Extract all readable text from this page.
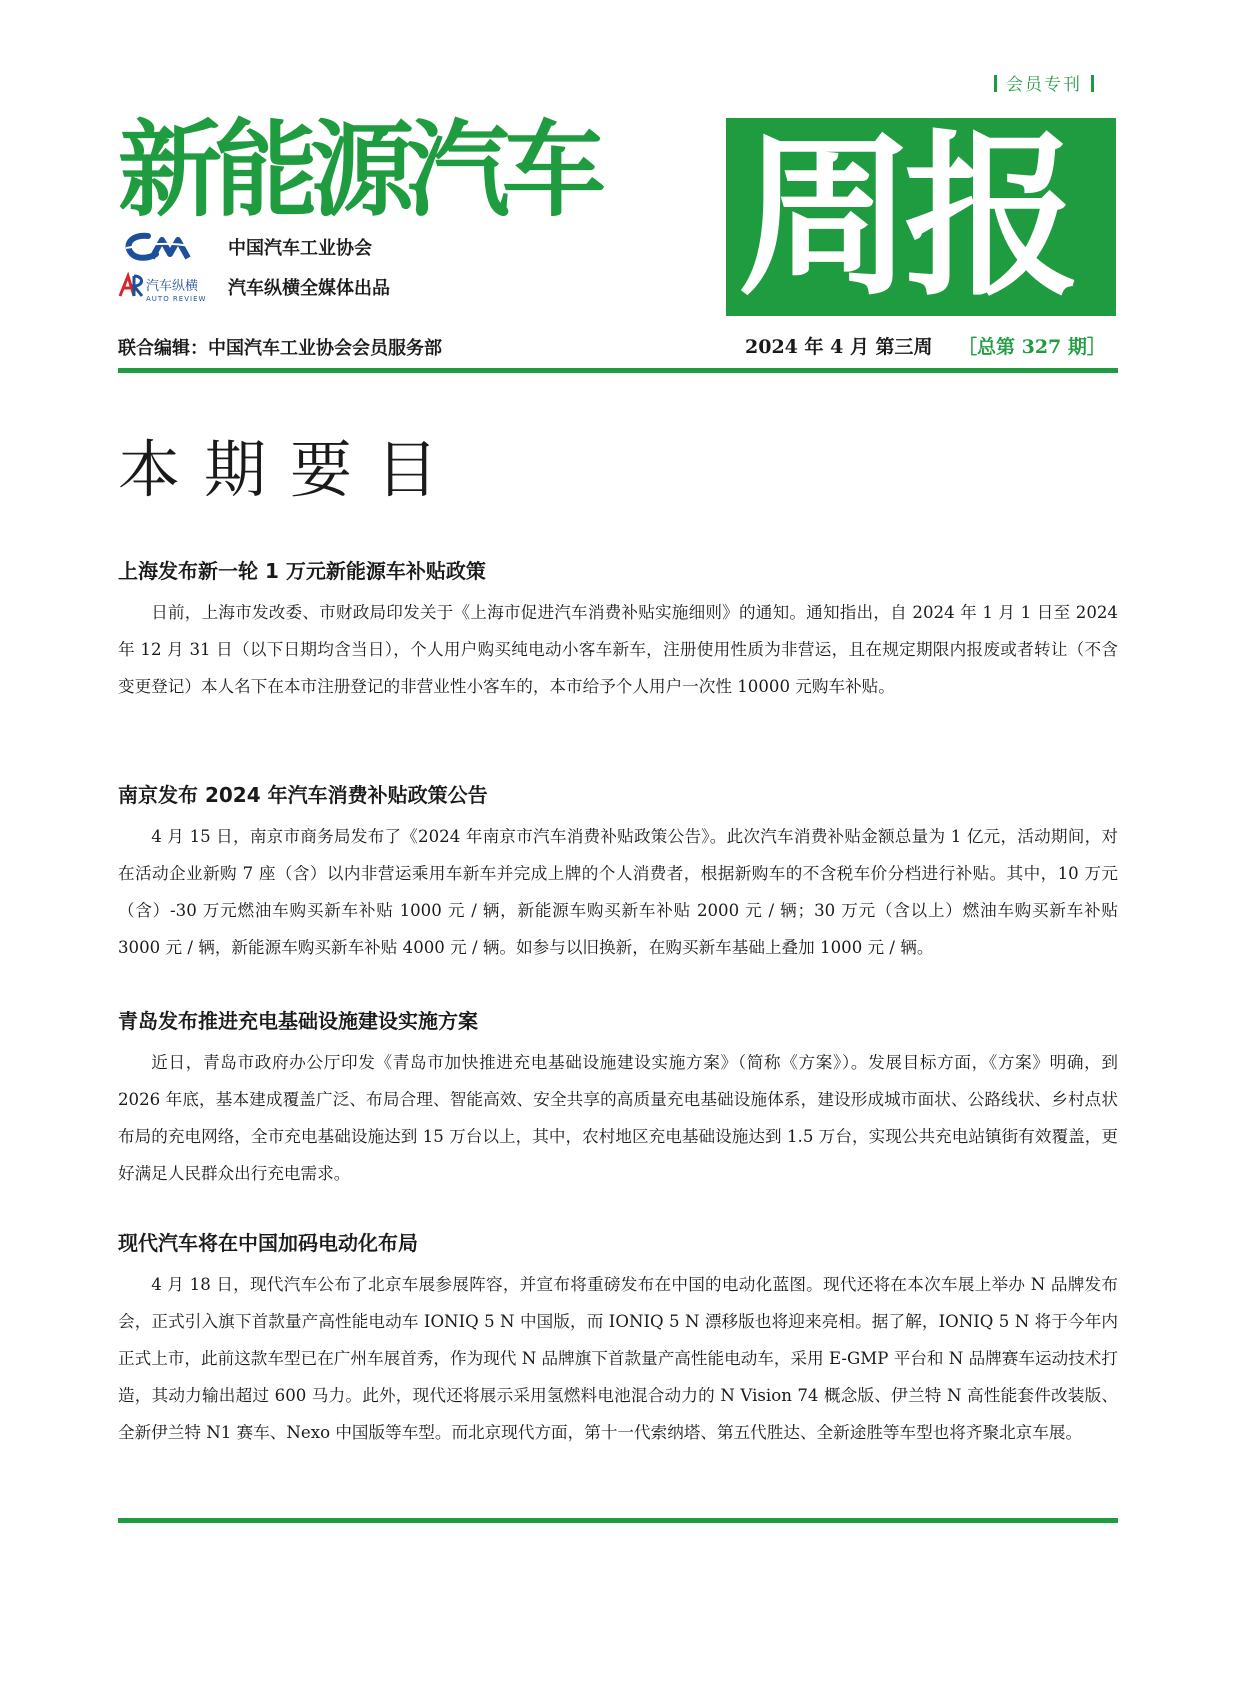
会员专刊
新能源汽车 周报
中国汽车工业协会
汽车纵横
AUTO REVIEW 汽车纵横全媒体出品
联合编辑：中国汽车工业协会会员服务部	2024 年 4 月 第三周 ［总第 327 期］
本期要目
上海发布新一轮 1 万元新能源车补贴政策

日前，上海市发改委、市财政局印发关于《上海市促进汽车消费补贴实施细则》的通知。通知指出，自 2024 年 1 月 1 日至 2024 年 12 月 31 日（以下日期均含当日），个人用户购买纯电动小客车新车，注册使用性质为非营运，且在规定期限内报废或者转让（不含变更登记）本人名下在本市注册登记的非营业性小客车的，本市给予个人用户一次性 10000 元购车补贴。

南京发布 2024 年汽车消费补贴政策公告

4 月 15 日，南京市商务局发布了《2024 年南京市汽车消费补贴政策公告》。此次汽车消费补贴金额总量为 1 亿元，活动期间，对在活动企业新购 7 座（含）以内非营运乘用车新车并完成上牌的个人消费者，根据新购车的不含税车价分档进行补贴。其中，10 万元（含）-30 万元燃油车购买新车补贴 1000 元 / 辆，新能源车购买新车补贴 2000 元 / 辆；30 万元（含以上）燃油车购买新车补贴 3000 元 / 辆，新能源车购买新车补贴 4000 元 / 辆。如参与以旧换新，在购买新车基础上叠加 1000 元 / 辆。

青岛发布推进充电基础设施建设实施方案

近日，青岛市政府办公厅印发《青岛市加快推进充电基础设施建设实施方案》（简称《方案》）。发展目标方面，《方案》明确，到 2026 年底，基本建成覆盖广泛、布局合理、智能高效、安全共享的高质量充电基础设施体系，建设形成城市面状、公路线状、乡村点状布局的充电网络，全市充电基础设施达到 15 万台以上，其中，农村地区充电基础设施达到 1.5 万台，实现公共充电站镇街有效覆盖，更好满足人民群众出行充电需求。

现代汽车将在中国加码电动化布局

4 月 18 日，现代汽车公布了北京车展参展阵容，并宣布将重磅发布在中国的电动化蓝图。现代还将在本次车展上举办 N 品牌发布会，正式引入旗下首款量产高性能电动车 IONIQ 5 N 中国版，而 IONIQ 5 N 漂移版也将迎来亮相。据了解，IONIQ 5 N 将于今年内正式上市，此前这款车型已在广州车展首秀，作为现代 N 品牌旗下首款量产高性能电动车，采用 E-GMP 平台和 N 品牌赛车运动技术打造，其动力输出超过 600 马力。此外，现代还将展示采用氢燃料电池混合动力的 N Vision 74 概念版、伊兰特 N 高性能套件改装版、全新伊兰特 N1 赛车、Nexo 中国版等车型。而北京现代方面，第十一代索纳塔、第五代胜达、全新途胜等车型也将齐聚北京车展。
